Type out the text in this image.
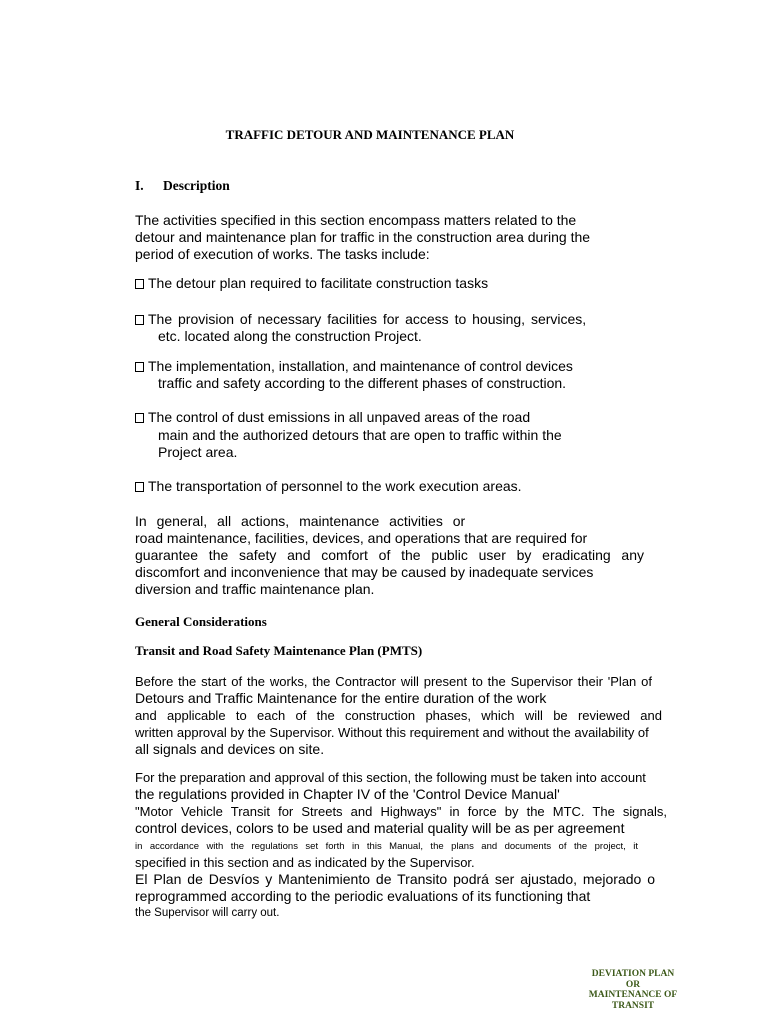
TRAFFIC DETOUR AND MAINTENANCE PLAN
I. Description
The activities specified in this section encompass matters related to the
detour and maintenance plan for traffic in the construction area during the
period of execution of works. The tasks include:
The detour plan required to facilitate construction tasks
The provision of necessary facilities for access to housing, services,
etc. located along the construction Project.
The implementation, installation, and maintenance of control devices
traffic and safety according to the different phases of construction.
The control of dust emissions in all unpaved areas of the road
main and the authorized detours that are open to traffic within the
Project area.
The transportation of personnel to the work execution areas.
In general, all actions, maintenance activities or
road maintenance, facilities, devices, and operations that are required for
guarantee the safety and comfort of the public user by eradicating any
discomfort and inconvenience that may be caused by inadequate services
diversion and traffic maintenance plan.
General Considerations
Transit and Road Safety Maintenance Plan (PMTS)
Before the start of the works, the Contractor will present to the Supervisor their 'Plan of
Detours and Traffic Maintenance for the entire duration of the work
and applicable to each of the construction phases, which will be reviewed and
written approval by the Supervisor. Without this requirement and without the availability of
all signals and devices on site.
For the preparation and approval of this section, the following must be taken into account
the regulations provided in Chapter IV of the 'Control Device Manual'
"Motor Vehicle Transit for Streets and Highways" in force by the MTC. The signals,
control devices, colors to be used and material quality will be as per agreement
in accordance with the regulations set forth in this Manual, the plans and documents of the project, it
specified in this section and as indicated by the Supervisor.
El Plan de Desvíos y Mantenimiento de Transito podrá ser ajustado, mejorado o
reprogrammed according to the periodic evaluations of its functioning that
the Supervisor will carry out.
DEVIATION PLAN OR
MAINTENANCE OF
TRANSIT
